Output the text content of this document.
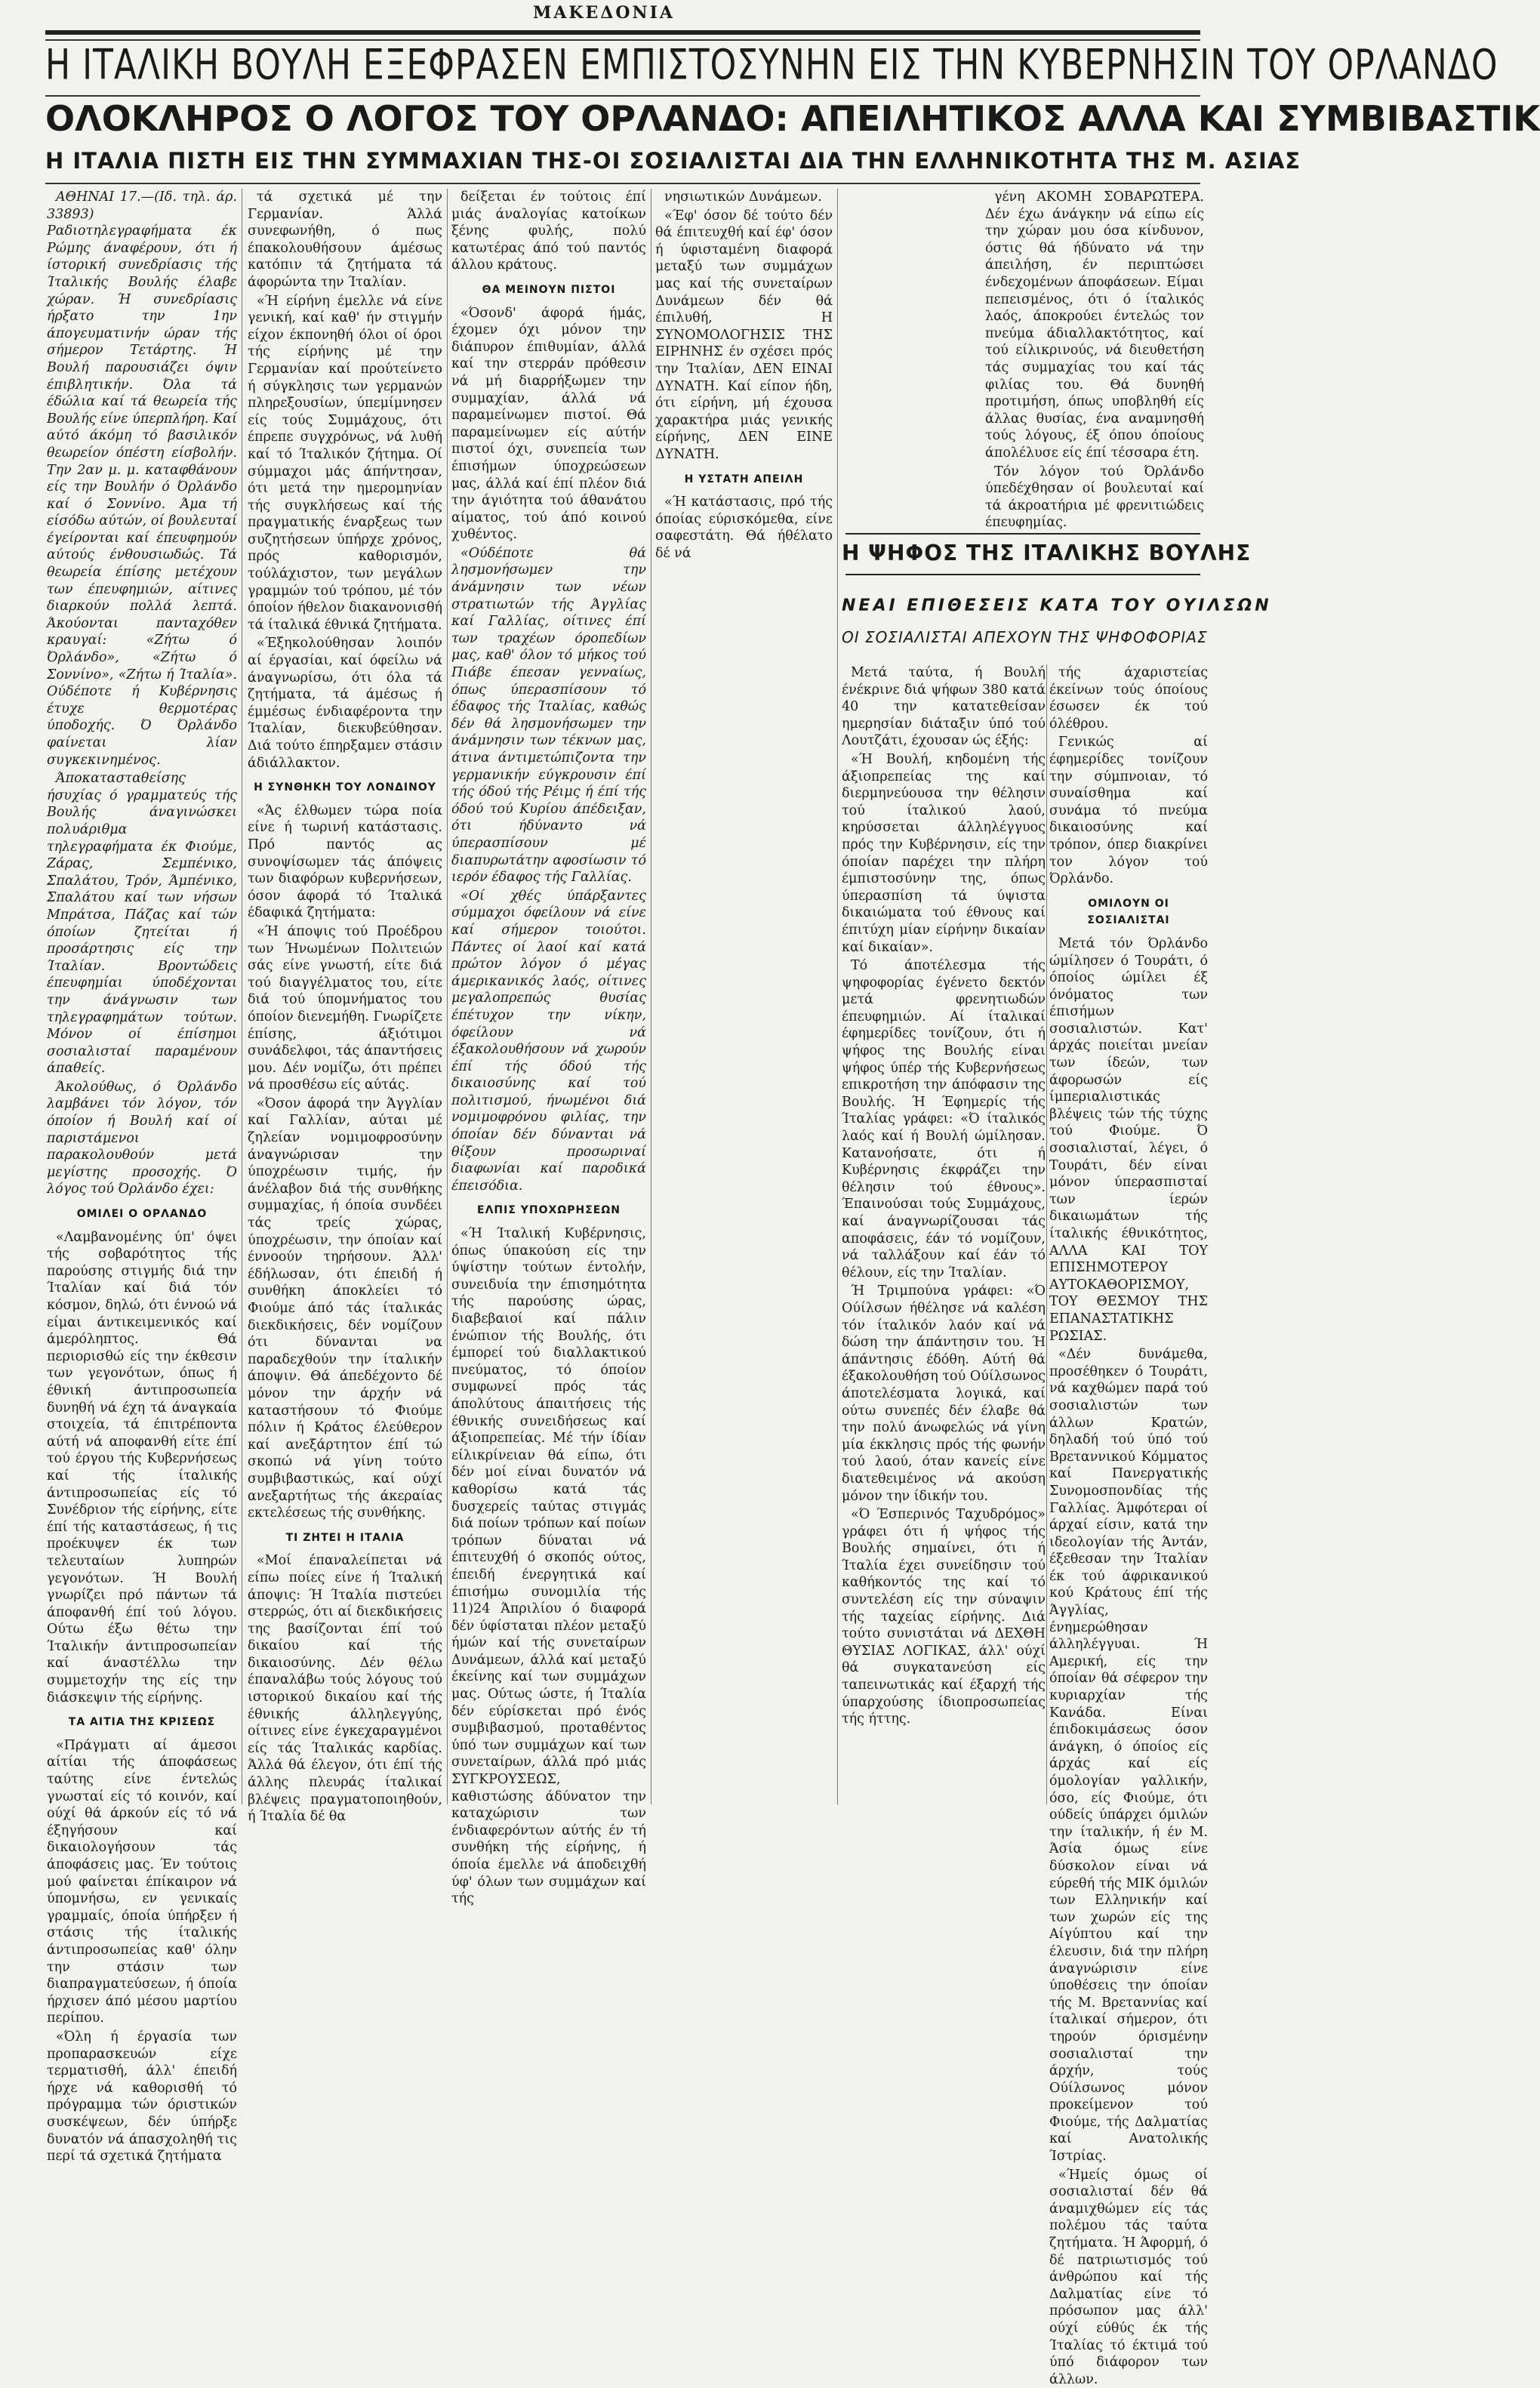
ΜΑΚΕΔΟΝΙΑ
Η ΙΤΑΛΙΚΗ ΒΟΥΛΗ ΕΞΕΦΡΑΣΕΝ ΕΜΠΙΣΤΟΣΥΝΗΝ ΕΙΣ ΤΗΝ ΚΥΒΕΡΝΗΣΙΝ ΤΟΥ ΟΡΛΑΝΔΟ
ΟΛΟΚΛΗΡΟΣ Ο ΛΟΓΟΣ ΤΟΥ ΟΡΛΑΝΔΟ: ΑΠΕΙΛΗΤΙΚΟΣ ΑΛΛΑ ΚΑΙ ΣΥΜΒΙΒΑΣΤΙΚ
Η ΙΤΑΛΙΑ ΠΙΣΤΗ ΕΙΣ ΤΗΝ ΣΥΜΜΑΧΙΑΝ ΤΗΣ-ΟΙ ΣΟΣΙΑΛΙΣΤΑΙ ΔΙΑ ΤΗΝ ΕΛΛΗΝΙΚΟΤΗΤΑ ΤΗΣ Μ. ΑΣΙΑΣ

ΑΘΗΝΑΙ 17.—(Ιδ. τηλ. άρ. 33893) Ραδιοτηλεγραφήματα έκ Ρώμης άναφέρουν, ότι ή ίστορική συνεδρίασις τής Ίταλικής Βουλής έλαβε χώραν. Ή συνεδρίασις ήρξατο την 1ην άπογευματινήν ώραν τής σήμερον Τετάρτης. Ή Βουλή παρουσιάζει όψιν έπιβλητικήν. Όλα τά έδώλια καί τά θεωρεία τής Βουλής είνε ύπερπλήρη. Καί αύτό άκόμη τό βασιλικόν θεωρείον όπέστη είσβολήν. Την 2αν μ. μ. καταφθάνουν είς την Βουλήν ό Όρλάνδο καί ό Σοννίνο. Άμα τή είσόδω αύτών, οί βουλευταί έγείρονται καί έπευφημούν αύτούς ένθουσιωδώς. Τά θεωρεία έπίσης μετέχουν των έπευφημιών, αίτινες διαρκούν πολλά λεπτά. Άκούονται πανταχόθεν κραυγαί: «Ζήτω ό Όρλάνδο», «Ζήτω ό Σοννίνο», «Ζήτω ή Ίταλία». Ούδέποτε ή Κυβέρνησις έτυχε θερμοτέρας ύποδοχής. Ό Όρλάνδο φαίνεται λίαν συγκεκινημένος.

Άποκατασταθείσης ήσυχίας ό γραμματεύς τής Βουλής άναγινώσκει πολυάριθμα τηλεγραφήματα έκ Φιούμε, Ζάρας, Σεμπένικο, Σπαλάτου, Τρόν, Άμπένικο, Σπαλάτου καί των νήσων Μπράτσα, Πάζας καί τών όποίων ζητείται ή προσάρτησις είς την Ίταλίαν. Βροντώδεις έπευφημίαι ύποδέχονται την άνάγνωσιν των τηλεγραφημάτων τούτων. Μόνον οί έπίσημοι σοσιαλισταί παραμένουν άπαθείς.

Άκολούθως, ό Όρλάνδο λαμβάνει τόν λόγον, τόν όποίον ή Βουλή καί οί παριστάμενοι παρακολουθούν μετά μεγίστης προσοχής. Ό λόγος τού Όρλάνδο έχει:

ΟΜΙΛΕΙ Ο ΟΡΛΑΝΔΟ

«Λαμβανομένης ύπ' όψει τής σοβαρότητος τής παρούσης στιγμής διά την Ίταλίαν καί διά τόν κόσμον, δηλώ, ότι έννοώ νά είμαι άντικειμενικός καί άμερόληπτος. Θά περιορισθώ είς την έκθεσιν των γεγονότων, όπως ή έθνική άντιπροσωπεία δυνηθή νά έχη τά άναγκαία στοιχεία, τά έπιτρέποντα αύτή νά αποφανθή είτε έπί τού έργου τής Κυβερνήσεως καί τής ίταλικής άντιπροσωπείας είς τό Συνέδριον τής είρήνης, είτε έπί τής καταστάσεως, ή τις προέκυψεν έκ των τελευταίων λυπηρών γεγονότων. Ή Βουλή γνωρίζει πρό πάντων τά άποφανθή έπί τού λόγου. Ούτω έξω θέτω την Ίταλικήν άντιπροσωπείαν καί άναστέλλω την συμμετοχήν της είς την διάσκεψιν τής είρήνης.

ΤΑ ΑΙΤΙΑ ΤΗΣ ΚΡΙΣΕΩΣ

«Πράγματι αί άμεσοι αίτίαι τής άποφάσεως ταύτης είνε έντελώς γνωσταί είς τό κοινόν, καί ούχί θά άρκούν είς τό νά έξηγήσουν καί δικαιολογήσουν τάς άποφάσεις μας. Έν τούτοις μού φαίνεται έπίκαιρον νά ύπομνήσω, εν γενικαίς γραμμαίς, όποία ύπήρξεν ή στάσις τής ίταλικής άντιπροσωπείας καθ' όλην την στάσιν των διαπραγματεύσεων, ή όποία ήρχισεν άπό μέσου μαρτίου περίπου.

«Όλη ή έργασία των προπαρασκευών είχε τερματισθή, άλλ' έπειδή ήρχε νά καθορισθή τό πρόγραμμα τών όριστικών συσκέψεων, δέν ύπήρξε δυνατόν νά άπασχοληθή τις περί τά σχετικά ζητήματα

τά σχετικά μέ την Γερμανίαν. Άλλά συνεφωνήθη, ό πως έπακολουθήσουν άμέσως κατόπιν τά ζητήματα τά άφορώντα την Ίταλίαν.

«Ή είρήνη έμελλε νά είνε γενική, καί καθ' ήν στιγμήν είχον έκπονηθή όλοι οί όροι τής είρήνης μέ την Γερμανίαν καί προύτείνετο ή σύγκλησις των γερμανών πληρεξουσίων, ύπεμίμνησεν είς τούς Συμμάχους, ότι έπρεπε συγχρόνως, νά λυθή καί τό Ίταλικόν ζήτημα. Οί σύμμαχοι μάς άπήντησαν, ότι μετά την ημερομηνίαν τής συγκλήσεως καί τής πραγματικής έναρξεως των συζητήσεων ύπήρχε χρόνος, πρός καθορισμόν, τούλάχιστον, των μεγάλων γραμμών τού τρόπου, μέ τόν όποίον ήθελον διακανονισθή τά ίταλικά έθνικά ζητήματα.

«Έξηκολούθησαν λοιπόν αί έργασίαι, καί όφείλω νά άναγνωρίσω, ότι όλα τά ζητήματα, τά άμέσως ή έμμέσως ένδιαφέροντα την Ίταλίαν, διεκυβεύθησαν. Διά τούτο έπηρξαμεν στάσιν άδιάλλακτον.

Η ΣΥΝΘΗΚΗ ΤΟΥ ΛΟΝΔΙΝΟΥ

«Άς έλθωμεν τώρα ποία είνε ή τωρινή κατάστασις. Πρό παντός ας συνοψίσωμεν τάς άπόψεις των διαφόρων κυβερνήσεων, όσον άφορά τό Ίταλικά έδαφικά ζητήματα:

«Ή άποψις τού Προέδρου των Ήνωμένων Πολιτειών σάς είνε γνωστή, είτε διά τού διαγγέλματος του, είτε διά τού ύπομνήματος του όποίον διενεμήθη. Γνωρίζετε έπίσης, άξιότιμοι συνάδελφοι, τάς άπαντήσεις μου. Δέν νομίζω, ότι πρέπει νά προσθέσω είς αύτάς.

«Όσον άφορά την Άγγλίαν καί Γαλλίαν, αύται μέ ζηλείαν νομιμοφροσύνην άναγνώρισαν την ύποχρέωσιν τιμής, ήν άνέλαβον διά τής συνθήκης συμμαχίας, ή όποία συνδέει τάς τρείς χώρας, ύποχρέωσιν, την όποίαν καί έννοούν τηρήσουν. Άλλ' έδήλωσαν, ότι έπειδή ή συνθήκη άποκλείει τό Φιούμε άπό τάς ίταλικάς διεκδικήσεις, δέν νομίζουν ότι δύνανται να παραδεχθούν την ίταλικήν άποψιν. Θά άπεδέχοντο δέ μόνον την άρχήν νά καταστήσουν τό Φιούμε πόλιν ή Κράτος έλεύθερον καί ανεξάρτητον έπί τώ σκοπώ νά γίνη τούτο συμβιβαστικώς, καί ούχί ανεξαρτήτως τής άκεραίας εκτελέσεως τής συνθήκης.

ΤΙ ΖΗΤΕΙ Η ΙΤΑΛΙΑ

«Μοί έπαναλείπεται νά είπω ποίες είνε ή Ίταλική άποψις: Ή Ίταλία πιστεύει στερρώς, ότι αί διεκδικήσεις της βασίζονται έπί τού δικαίου καί τής δικαιοσύνης. Δέν θέλω έπαναλάβω τούς λόγους τού ιστορικού δικαίου καί τής έθνικής άλληλεγγύης, οίτινες είνε έγκεχαραγμένοι είς τάς Ίταλικάς καρδίας. Άλλά θά έλεγον, ότι έπί τής άλλης πλευράς ίταλικαί βλέψεις πραγματοποιηθούν, ή Ίταλία δέ θα

δείξεται έν τούτοις έπί μιάς άναλογίας κατοίκων ξένης φυλής, πολύ κατωτέρας άπό τού παντός άλλου κράτους.

ΘΑ ΜΕΙΝΟΥΝ ΠΙΣΤΟΙ

«Όσονδ' άφορά ήμάς, έχομεν όχι μόνον την διάπυρον έπιθυμίαν, άλλά καί την στερράν πρόθεσιν νά μή διαρρήξωμεν την συμμαχίαν, άλλά νά παραμείνωμεν πιστοί. Θά παραμείνωμεν είς αύτήν πιστοί όχι, συνεπεία των έπισήμων ύποχρεώσεων μας, άλλά καί έπί πλέον διά την άγιότητα τού άθανάτου αίματος, τού άπό κοινού χυθέντος.

«Ούδέποτε θά λησμονήσωμεν την άνάμνησιν των νέων στρατιωτών τής Άγγλίας καί Γαλλίας, οίτινες έπί των τραχέων όροπεδίων μας, καθ' όλον τό μήκος τού Πιάβε έπεσαν γενναίως, όπως ύπερασπίσουν τό έδαφος τής Ίταλίας, καθώς δέν θά λησμονήσωμεν την άνάμνησιν των τέκνων μας, άτινα άντιμετώπιζοντα την γερμανικήν εύγκρουσιν έπί τής όδού τής Ρέιμς ή έπί τής όδού τού Κυρίου άπέδειξαν, ότι ήδύναντο νά ύπερασπίσουν μέ διαπυρωτάτην αφοσίωσιν τό ιερόν έδαφος τής Γαλλίας.

«Οί χθές ύπάρξαντες σύμμαχοι όφείλουν νά είνε καί σήμερον τοιούτοι. Πάντες οί λαοί καί κατά πρώτον λόγον ό μέγας άμερικανικός λαός, οίτινες μεγαλοπρεπώς θυσίας έπέτυχον την νίκην, όφείλουν νά έξακολουθήσουν νά χωρούν έπί τής όδού τής δικαιοσύνης καί τού πολιτισμού, ήνωμένοι διά νομιμοφρόνου φιλίας, την όποίαν δέν δύνανται νά θίξουν προσωριναί διαφωνίαι καί παροδικά έπεισόδια.

ΕΛΠΙΣ ΥΠΟΧΩΡΗΣΕΩΝ

«Ή Ίταλική Κυβέρνησις, όπως ύπακούση είς την ύψίστην τούτων έντολήν, συνειδυία την έπισημότητα τής παρούσης ώρας, διαβεβαιοί καί πάλιν ένώπιον τής Βουλής, ότι έμπορεί τού διαλλακτικού πνεύματος, τό όποίον συμφωνεί πρός τάς άπολύτους άπαιτήσεις τής έθνικής συνειδήσεως καί άξιοπρεπείας. Μέ τήν ίδίαν είλικρίνειαν θά είπω, ότι δέν μοί είναι δυνατόν νά καθορίσω κατά τάς δυσχερείς ταύτας στιγμάς διά ποίων τρόπων καί ποίων τρόπων δύναται νά έπιτευχθή ό σκοπός ούτος, έπειδή ένεργητικά καί έπισήμω συνομιλία τής 11)24 Άπριλίου ό διαφορά δέν ύφίσταται πλέον μεταξύ ήμών καί τής συνεταίρων Δυνάμεων, άλλά καί μεταξύ έκείνης καί των συμμάχων μας. Ούτως ώστε, ή Ίταλία δέν εύρίσκεται πρό ένός συμβιβασμού, προταθέντος ύπό των συμμάχων καί των συνεταίρων, άλλά πρό μιάς ΣΥΓΚΡΟΥΣΕΩΣ, καθιστώσης άδύνατον την καταχώρισιν των ένδιαφερόντων αύτής έν τή συνθήκη τής είρήνης, ή όποία έμελλε νά άποδειχθή ύφ' όλων των συμμάχων καί τής

νησιωτικών Δυνάμεων.

«Έφ' όσον δέ τούτο δέν θά έπιτευχθή καί έφ' όσον ή ύφισταμένη διαφορά μεταξύ των συμμάχων μας καί τής συνεταίρων Δυνάμεων δέν θά έπιλυθή, Η ΣΥΝΟΜΟΛΟΓΗΣΙΣ ΤΗΣ ΕΙΡΗΝΗΣ έν σχέσει πρός την Ίταλίαν, ΔΕΝ ΕΙΝΑΙ ΔΥΝΑΤΗ. Καί είπον ήδη, ότι είρήνη, μή έχουσα χαρακτήρα μιάς γενικής είρήνης, ΔΕΝ ΕΙΝΕ ΔΥΝΑΤΗ.

Η ΥΣΤΑΤΗ ΑΠΕΙΛΗ

«Ή κατάστασις, πρό τής όποίας εύρισκόμεθα, είνε σαφεστάτη. Θά ήθέλατο δέ νά

γένη ΑΚΟΜΗ ΣΟΒΑΡΩΤΕΡΑ. Δέν έχω άνάγκην νά είπω είς την χώραν μου όσα κίνδυνον, όστις θά ήδύνατο νά την άπειλήση, έν περιπτώσει ένδεχομένων άποφάσεων. Είμαι πεπεισμένος, ότι ό ίταλικός λαός, άποκρούει έντελώς τον πνεύμα άδιαλλακτότητος, καί τού είλικρινούς, νά διευθετήση τάς συμμαχίας του καί τάς φιλίας του. Θά δυνηθή προτιμήση, όπως υποβληθή είς άλλας θυσίας, ένα αναμνησθή τούς λόγους, έξ όπου όποίους άπολέλυσε είς έπί τέσσαρα έτη.

Τόν λόγον τού Όρλάνδο ύπεδέχθησαν οί βουλευταί καί τά άκροατήρια μέ φρενιτιώδεις έπευφημίας.

Η ΨΗΦΟΣ ΤΗΣ ΙΤΑΛΙΚΗΣ ΒΟΥΛΗΣ
ΝΕΑΙ ΕΠΙΘΕΣΕΙΣ ΚΑΤΑ ΤΟΥ ΟΥΙΛΣΩΝ
ΟΙ ΣΟΣΙΑΛΙΣΤΑΙ ΑΠΕΧΟΥΝ ΤΗΣ ΨΗΦΟΦΟΡΙΑΣ

Μετά ταύτα, ή Βουλή ένέκρινε διά ψήφων 380 κατά 40 την κατατεθείσαν ημερησίαν διάταξιν ύπό τού Λουτζάτι, έχουσαν ώς έξής:

«Ή Βουλή, κηδομένη τής άξιοπρεπείας της καί διερμηνεύουσα την θέλησιν τού ίταλικού λαού, κηρύσσεται άλληλέγγυος πρός την Κυβέρνησιν, είς την όποίαν παρέχει την πλήρη έμπιστοσύνην της, όπως ύπερασπίση τά ύψιστα δικαιώματα τού έθνους καί έπιτύχη μίαν είρήνην δικαίαν καί δικαίαν».

Τό άποτέλεσμα τής ψηφοφορίας έγένετο δεκτόν μετά φρενητιωδών έπευφημιών. Αί ίταλικαί έφημερίδες τονίζουν, ότι ή ψήφος της Βουλής είναι ψήφος ύπέρ τής Κυβερνήσεως επικροτήση την άπόφασιν της Βουλής. Ή Έφημερίς τής Ίταλίας γράφει: «Ό ίταλικός λαός καί ή Βουλή ώμίλησαν. Κατανοήσατε, ότι ή Κυβέρνησις έκφράζει την θέλησιν τού έθνους». Έπαινούσαι τούς Συμμάχους, καί άναγνωρίζουσαι τάς αποφάσεις, έάν τό νομίζουν, νά ταλλάξουν καί έάν τό θέλουν, είς την Ίταλίαν.

Ή Τριμπούνα γράφει: «Ό Ούίλσων ήθέλησε νά καλέση τόν ίταλικόν λαόν καί νά δώση την άπάντησιν του. Ή άπάντησις έδόθη. Αύτή θά έξακολουθήση τού Ούίλσωνος άποτελέσματα λογικά, καί ούτω συνεπές δέν έλαβε θά την πολύ άνωφελώς νά γίνη μία έκκλησις πρός τής φωνήν τού λαού, όταν κανείς είνε διατεθειμένος νά ακούση μόνον την ίδικήν του.

«Ό Έσπερινός Ταχυδρόμος» γράφει ότι ή ψήφος τής Βουλής σημαίνει, ότι ή Ίταλία έχει συνείδησιν τού καθήκοντός της καί τό συντελέση είς την σύναψιν τής ταχείας είρήνης. Διά τούτο συνιστάται νά ΔΕΧΘΗ ΘΥΣΙΑΣ ΛΟΓΙΚΑΣ, άλλ' ούχί θά συγκατανεύση είς ταπεινωτικάς καί έξαρχή τής ύπαρχούσης ίδιοπροσωπείας τής ήττης.

τής άχαριστείας έκείνων τούς όποίους έσωσεν έκ τού όλέθρου.

Γενικώς αί έφημερίδες τονίζουν την σύμπνοιαν, τό συναίσθημα καί συνάμα τό πνεύμα δικαιοσύνης καί τρόπον, όπερ διακρίνει τον λόγον τού Όρλάνδο.

ΟΜΙΛΟΥΝ ΟΙ ΣΟΣΙΑΛΙΣΤΑΙ

Μετά τόν Όρλάνδο ώμίλησεν ό Τουράτι, ό όποίος ώμίλει έξ όνόματος των έπισήμων σοσιαλιστών. Κατ' άρχάς ποιείται μνείαν των ίδεών, των άφορωσών είς ίμπεριαλιστικάς βλέψεις τών τής τύχης τού Φιούμε. Ό σοσιαλισταί, λέγει, ό Τουράτι, δέν είναι μόνον ύπερασπισταί των ίερών δικαιωμάτων τής ίταλικής έθνικότητος, ΑΛΛΑ ΚΑΙ ΤΟΥ ΕΠΙΣΗΜΟΤΕΡΟΥ ΑΥΤΟΚΑΘΟΡΙΣΜΟΥ, ΤΟΥ ΘΕΣΜΟΥ ΤΗΣ ΕΠΑΝΑΣΤΑΤΙΚΗΣ ΡΩΣΙΑΣ.

«Δέν δυνάμεθα, προσέθηκεν ό Τουράτι, νά καχθώμεν παρά τού σοσιαλιστών των άλλων Κρατών, δηλαδή τού ύπό τού Βρεταννικού Κόμματος καί Πανεργατικής Συνομοσπονδίας τής Γαλλίας. Άμφότεραι οί άρχαί είσιν, κατά την ιδεολογίαν τής Άντάν, έξεθεσαν την Ίταλίαν έκ τού άφρικανικού κού Κράτους έπί τής Άγγλίας, ένημερώθησαν άλληλέγγυαι. Ή Αμερική, είς την όποίαν θά σέφερον την κυριαρχίαν τής Κανάδα. Είναι έπιδοκιμάσεως όσον άνάγκη, ό όποίος είς άρχάς καί είς όμολογίαν γαλλικήν, όσο, είς Φιούμε, ότι ούδείς ύπάρχει όμιλών την ίταλικήν, ή έν Μ. Άσία όμως είνε δύσκολον είναι νά εύρεθή τής ΜΙΚ όμιλών των Ελληνικήν καί των χωρών είς της Αίγύπτου καί την έλευσιν, διά την πλήρη άναγνώρισιν είνε ύποθέσεις την όποίαν τής Μ. Βρεταννίας καί ίταλικαί σήμερον, ότι τηρούν όρισμένην σοσιαλισταί την άρχήν, τούς Ούίλσωνος μόνον προκείμενον τού Φιούμε, τής Δαλματίας καί Ανατολικής Ίστρίας.

«Ήμείς όμως οί σοσιαλισταί δέν θά άναμιχθώμεν είς τάς πολέμου τάς ταύτα ζητήματα. Ή Άφορμή, ό δέ πατριωτισμός τού άνθρώπου καί τής Δαλματίας είνε τό πρόσωπον μας άλλ' ούχί εύθύς έκ τής Ίταλίας τό έκτιμά τού ύπό διάφορον των άλλων.
